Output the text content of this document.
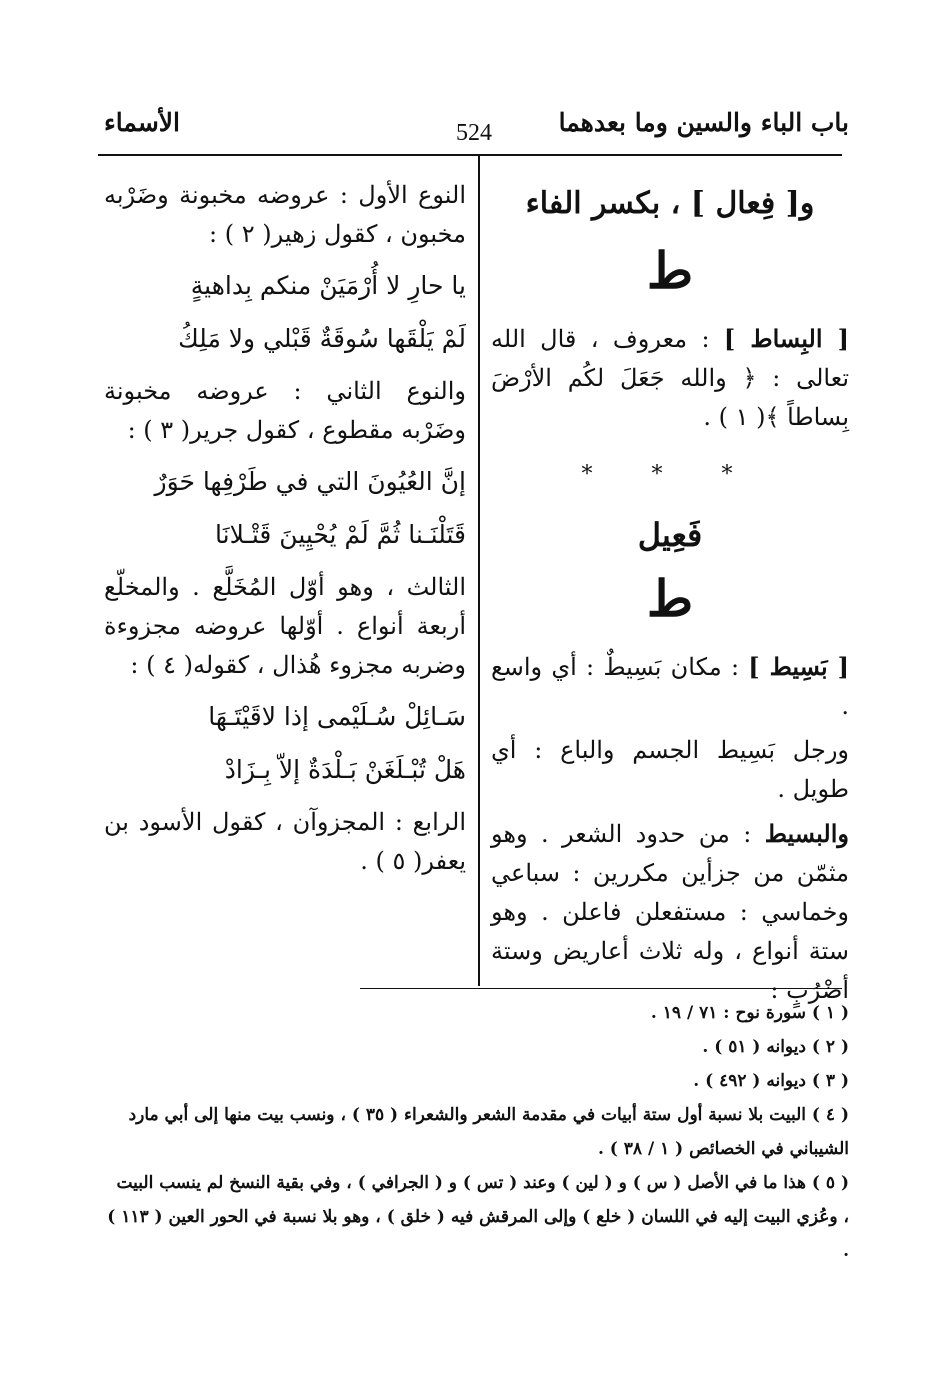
باب الباء والسين وما بعدهما
524
الأسماء
و[ فِعال ] ، بكسر الفاء
ط

[ البِساط ] : معروف ، قال الله تعالى : ﴿ والله جَعَلَ لكُم الأرْضَ بِساطاً ﴾( ١ ) .

* * *
فَعِيل
ط

[ بَسِيط ] : مكان بَسِيطٌ : أي واسع .

ورجل بَسِيط الجسم والباع : أي طويل .

والبسيط : من حدود الشعر . وهو مثمّن من جزأين مكررين : سباعي وخماسي : مستفعلن فاعلن . وهو ستة أنواع ، وله ثلاث أعاريض وستة أضْرُبٍ :

النوع الأول : عروضه مخبونة وضَرْبه مخبون ، كقول زهير( ٢ ) :

يا حارِ لا أُرْمَيَنْ منكم بِداهيةٍ
لَمْ يَلْقَها سُوقَةٌ قَبْلي ولا مَلِكُ

والنوع الثاني : عروضه مخبونة وضَرْبه مقطوع ، كقول جرير( ٣ ) :

إنَّ العُيُونَ التي في طَرْفِها حَوَرٌ
قَتَلْنَـنا ثُمَّ لَمْ يُحْيِينَ قَتْـلانَا

الثالث ، وهو أوّل المُخَلَّع . والمخلّع أربعة أنواع . أوّلها عروضه مجزوءة وضربه مجزوء هُذال ، كقوله( ٤ ) :

سَـائِلْ سُـلَيْمى إذا لاقَيْتَـهَا
هَلْ تُبْـلَغَنْ بَـلْدَةٌ إلاّ بِـزَادْ

الرابع : المجزوآن ، كقول الأسود بن يعفر( ٥ ) .

( ١ ) سورة نوح : ٧١ / ١٩ .

( ٢ ) ديوانه ( ٥١ ) .

( ٣ ) ديوانه ( ٤٩٢ ) .

( ٤ ) البيت بلا نسبة أول ستة أبيات في مقدمة الشعر والشعراء ( ٣٥ ) ، ونسب بيت منها إلى أبي مارد الشيباني في الخصائص ( ١ / ٣٨ ) .

( ٥ ) هذا ما في الأصل ( س ) و ( لين ) وعند ( تس ) و ( الجرافي ) ، وفي بقية النسخ لم ينسب البيت ، وعُزي البيت إليه في اللسان ( خلع ) وإلى المرقش فيه ( خلق ) ، وهو بلا نسبة في الحور العين ( ١١٣ ) .
